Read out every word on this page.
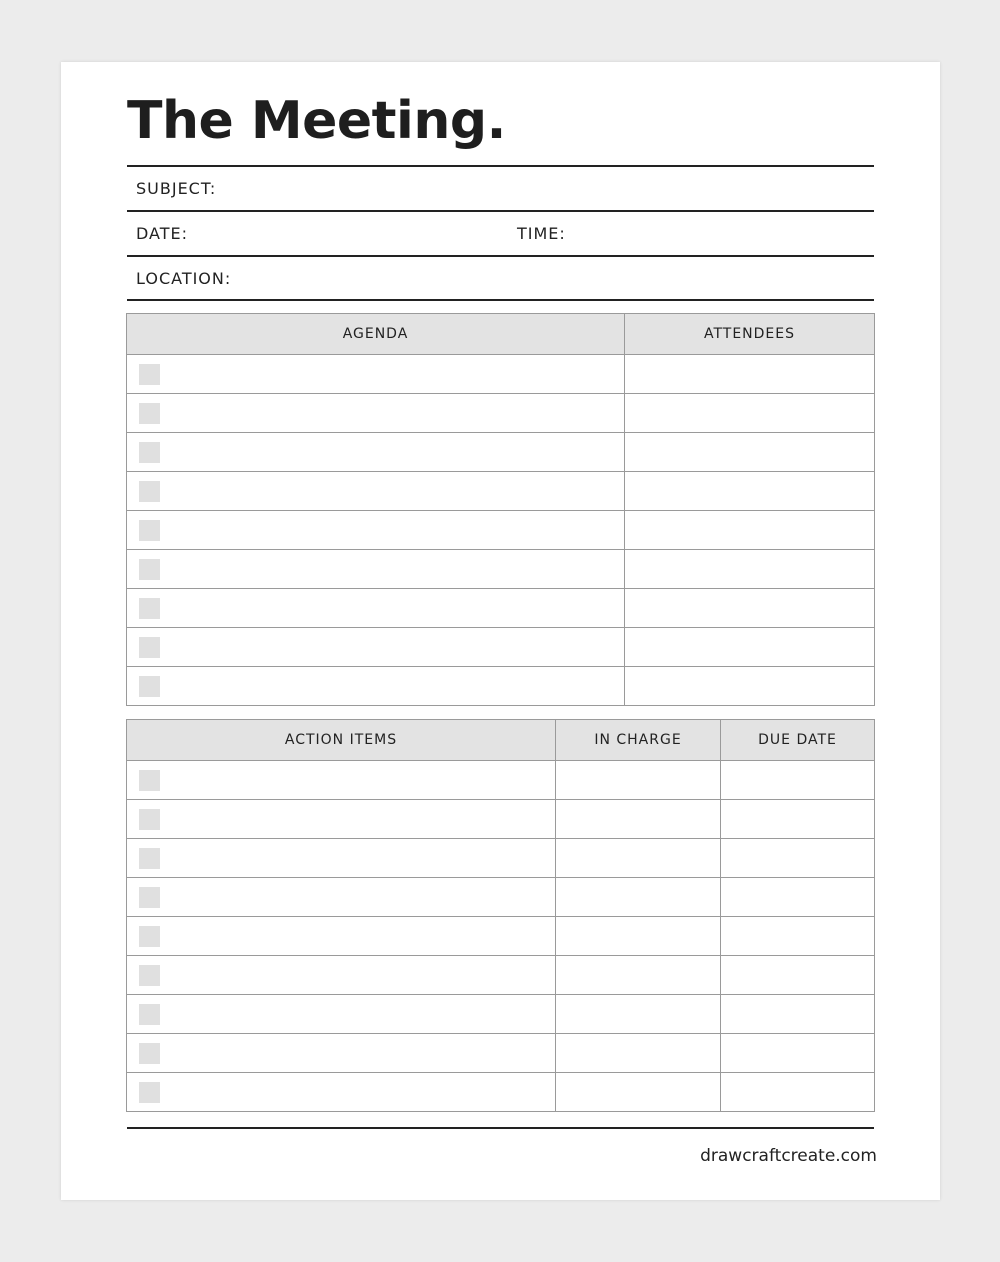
The Meeting.
SUBJECT:
DATE:	TIME:
LOCATION:
AGENDA	ATTENDEES

ACTION ITEMS	IN CHARGE	DUE DATE

drawcraftcreate.com
